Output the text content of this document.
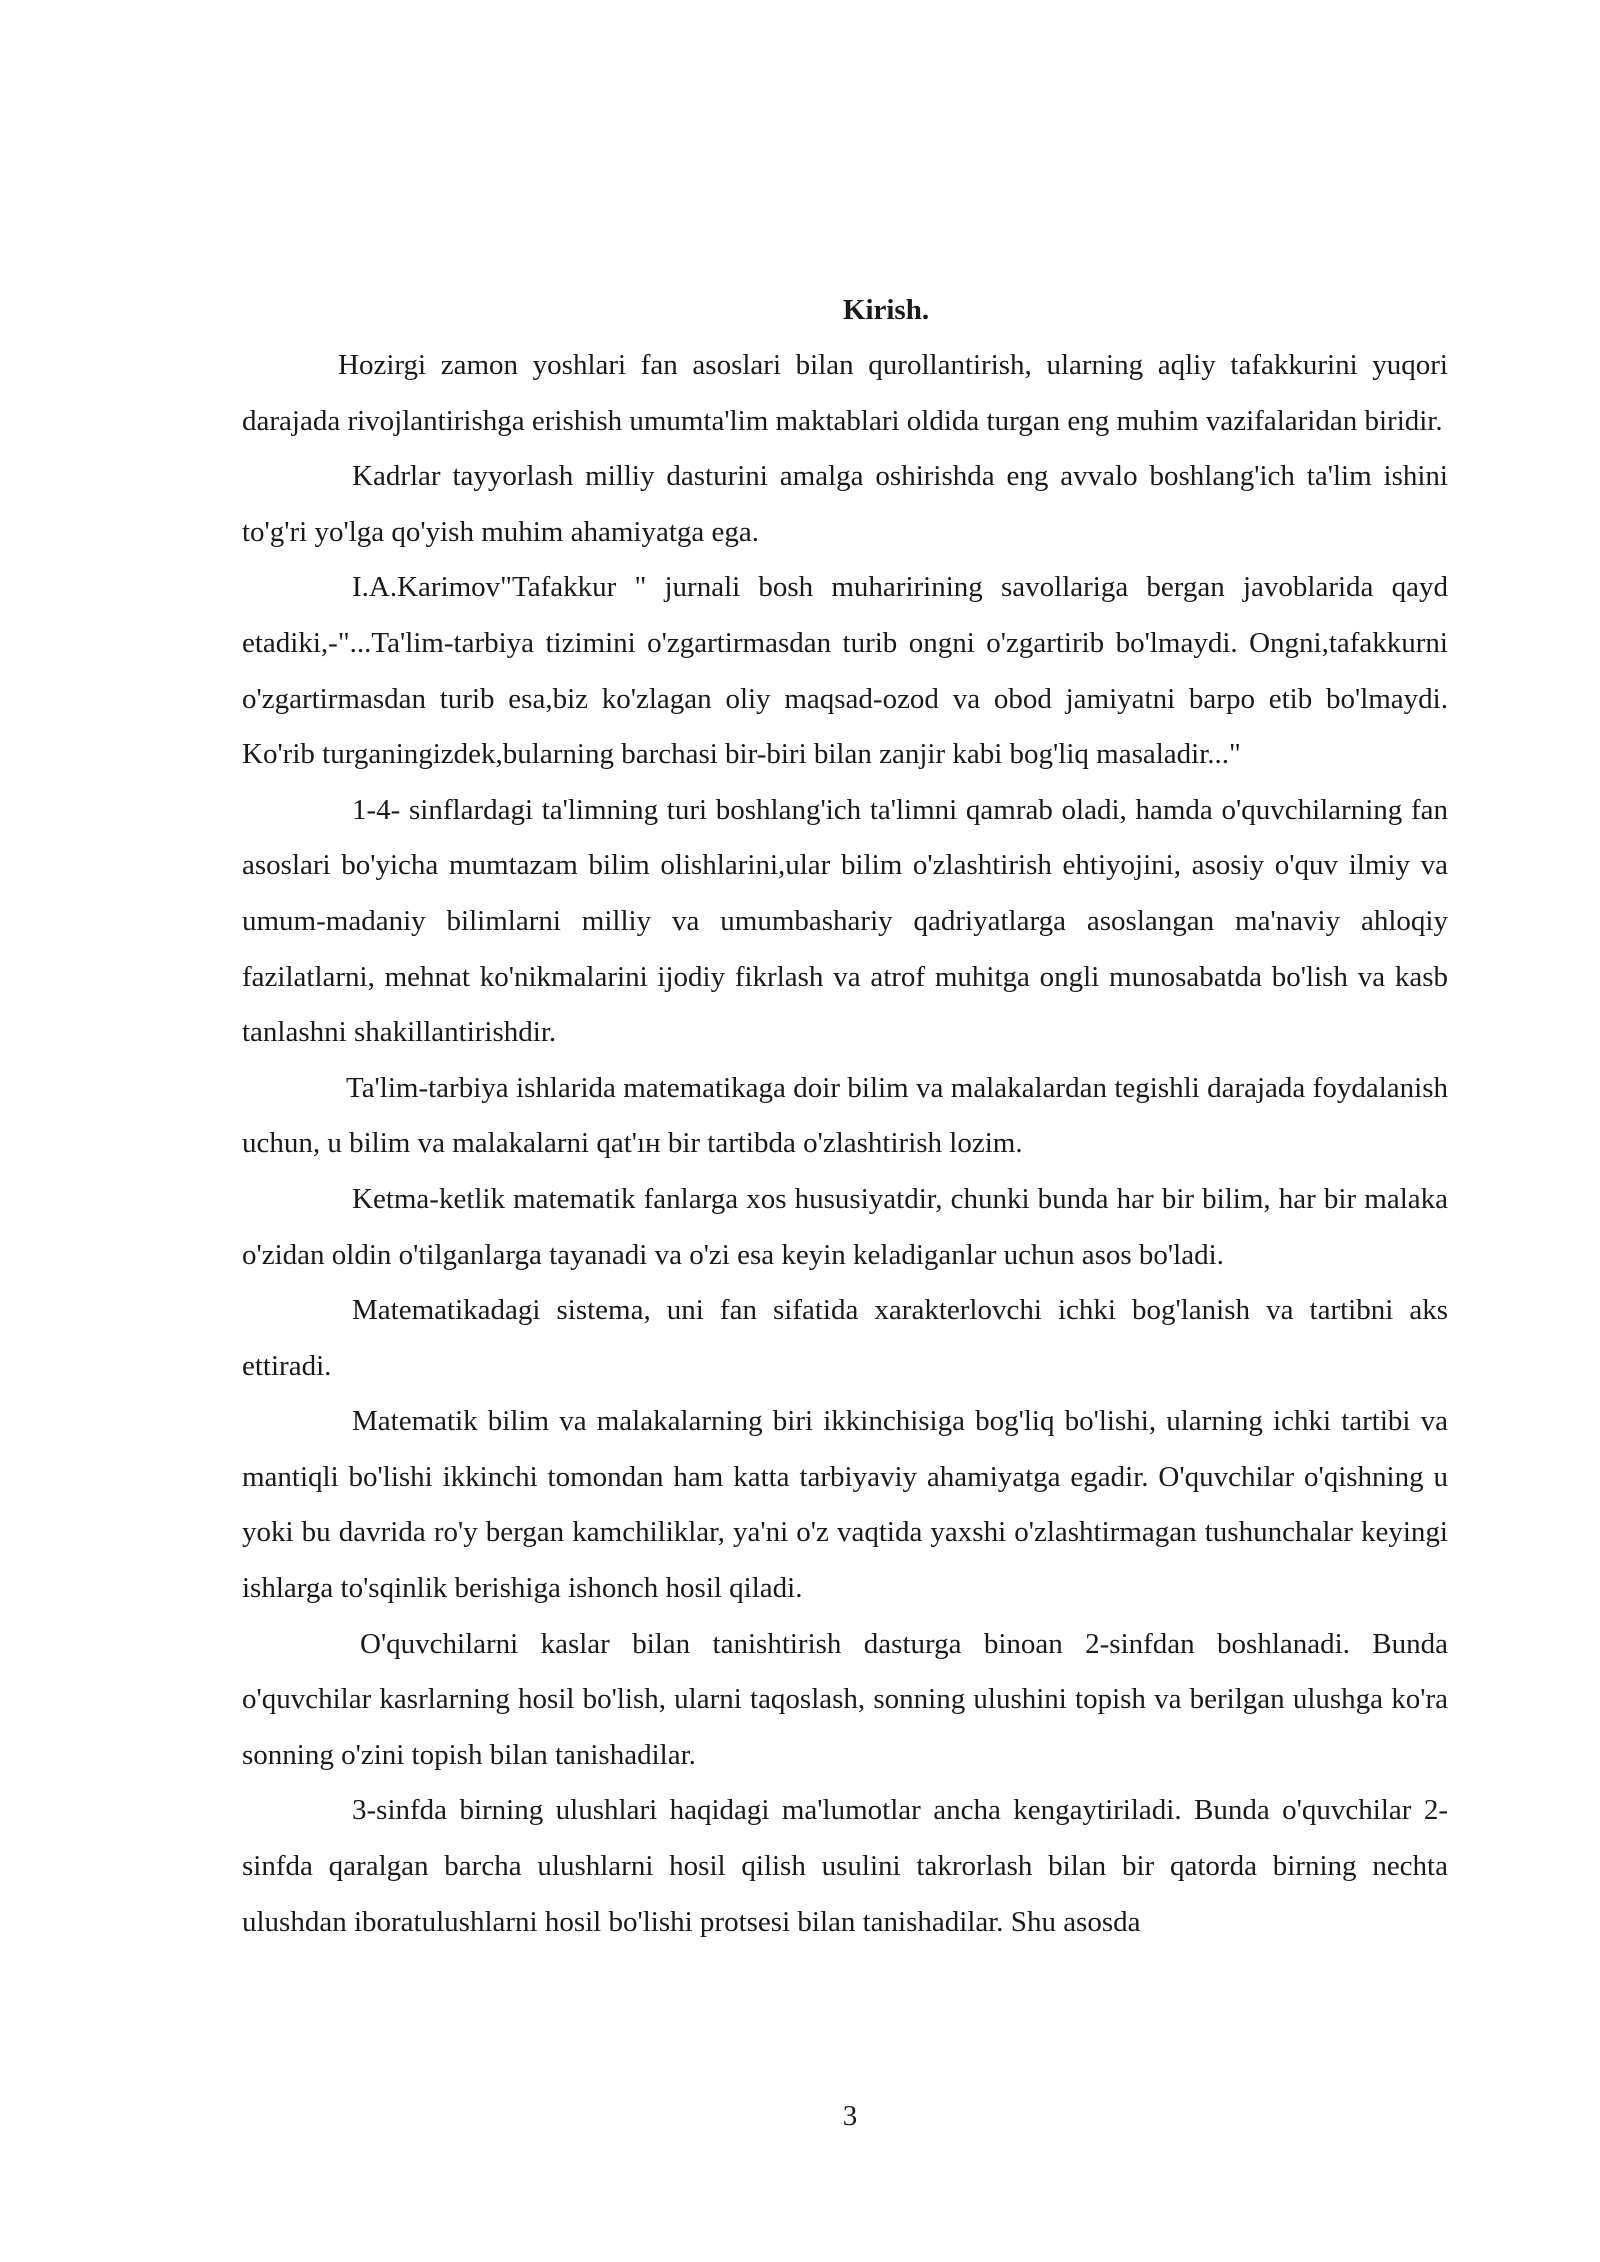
Kirish.

Hozirgi zamon yoshlari fan asoslari bilan qurollantirish, ularning aqliy tafakkurini yuqori darajada rivojlantirishga erishish umumta'lim maktablari oldida turgan eng muhim vazifalaridan biridir.

Kadrlar tayyorlash milliy dasturini amalga oshirishda eng avvalo boshlang'ich ta'lim ishini to'g'ri yo'lga qo'yish muhim ahamiyatga ega.

I.A.Karimov"Tafakkur " jurnali bosh muharirining savollariga bergan javoblarida qayd etadiki,-"...Ta'lim-tarbiya tizimini o'zgartirmasdan turib ongni o'zgartirib bo'lmaydi. Ongni,tafakkurni o'zgartirmasdan turib esa,biz ko'zlagan oliy maqsad-ozod va obod jamiyatni barpo etib bo'lmaydi. Ko'rib turganingizdek,bularning barchasi bir-biri bilan zanjir kabi bog'liq masaladir..."

1-4- sinflardagi ta'limning turi boshlang'ich ta'limni qamrab oladi, hamda o'quvchilarning fan asoslari bo'yicha mumtazam bilim olishlarini,ular bilim o'zlashtirish ehtiyojini, asosiy o'quv ilmiy va umum-madaniy bilimlarni milliy va umumbashariy qadriyatlarga asoslangan ma'naviy ahloqiy fazilatlarni, mehnat ko'nikmalarini ijodiy fikrlash va atrof muhitga ongli munosabatda bo'lish va kasb tanlashni shakillantirishdir.

Ta'lim-tarbiya ishlarida matematikaga doir bilim va malakalardan tegishli darajada foydalanish uchun, u bilim va malakalarni qat'ıн bir tartibda o'zlashtirish lozim.

Ketma-ketlik matematik fanlarga xos hususiyatdir, chunki bunda har bir bilim, har bir malaka o'zidan oldin o'tilganlarga tayanadi va o'zi esa keyin keladiganlar uchun asos bo'ladi.

Matematikadagi sistema, uni fan sifatida xarakterlovchi ichki bog'lanish va tartibni aks ettiradi.

Matematik bilim va malakalarning biri ikkinchisiga bog'liq bo'lishi, ularning ichki tartibi va mantiqli bo'lishi ikkinchi tomondan ham katta tarbiyaviy ahamiyatga egadir. O'quvchilar o'qishning u yoki bu davrida ro'y bergan kamchiliklar, ya'ni o'z vaqtida yaxshi o'zlashtirmagan tushunchalar keyingi ishlarga to'sqinlik berishiga ishonch hosil qiladi.

O'quvchilarni kaslar bilan tanishtirish dasturga binoan 2-sinfdan boshlanadi. Bunda o'quvchilar kasrlarning hosil bo'lish, ularni taqoslash, sonning ulushini topish va berilgan ulushga ko'ra sonning o'zini topish bilan tanishadilar.

3-sinfda birning ulushlari haqidagi ma'lumotlar ancha kengaytiriladi. Bunda o'quvchilar 2-sinfda qaralgan barcha ulushlarni hosil qilish usulini takrorlash bilan bir qatorda birning nechta ulushdan iboratulushlarni hosil bo'lishi protsesi bilan tanishadilar. Shu asosda

3
